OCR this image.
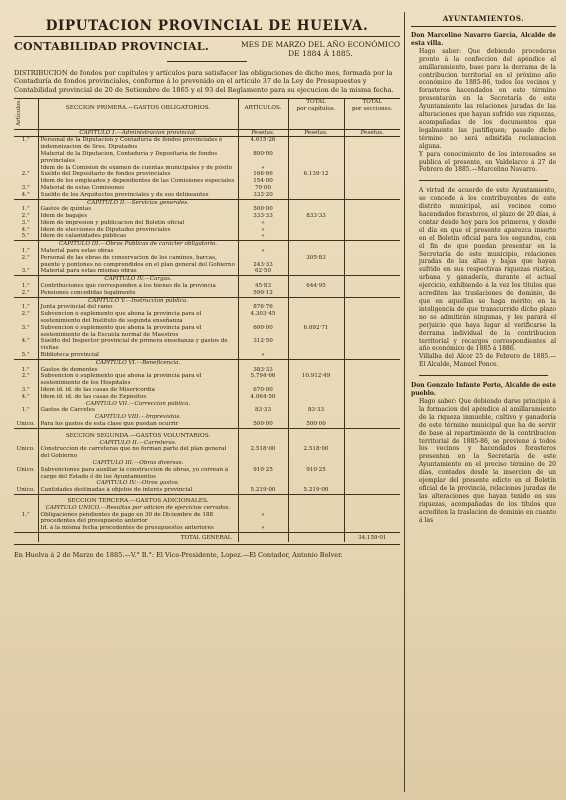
DIPUTACION PROVINCIAL DE HUELVA.
CONTABILIDAD PROVINCIAL.	MES DE MARZO DEL AÑO ECONÓMICO
DE 1884 Á 1885.
DISTRIBUCION de fondos por capítulos y artículos para satisfacer las obligaciones de dicho mes, formada por la Contaduría de fondos provinciales, conforme á lo prevenido en el artículo 37 de la Ley de Presupuestos y Contabilidad provincial de 20 de Setiembre de 1865 y el 93 del Reglamento para su ejecucion de la misma fecha.
Artículos.	SECCION PRIMERA.—GASTOS OBLIGATORIOS.	ARTÍCULOS.	TOTAL
por capítulos.	TOTAL
por secciones.
	CAPÍTULO I.—Administracion provincial.	Pesetas.	Pesetas.	Pesetas.
1.°	Personal de la Diputacion y Contaduría de fondos provinciales é indemnizacion de Sres. Diputados	4.615·26		
	Material de la Diputacion, Contaduría y Depositaría de fondos provinciales	800·00		
	Idem de la Comision de exámen de cuentas municipales y de pósito	»		
2.°	Sueldo del Depositario de fondos provinciales	166·66	6.139·12	
	Idem de los empleados y dependientes de las Comisiones especiales	154·00		
3.°	Material de estas Comisiones	70·00		
4.°	Sueldo de los Arquitectos provinciales y de sus delineantes	333·20		
	CAPÍTULO II.—Servicios generales.			
1.°	Gastos de quintas	500·00		
2.°	Idem de bagajes	333·33	833·33	
3.°	Idem de impresion y publicacion del Boletin oficial	»		
4.°	Idem de elecciones de Diputados provinciales	»		
5.°	Idem de calamidades públicas	»		
	CAPÍTULO III.—Obras Públicas de carácter obligatorio.			
1.°	Material para estas obras	»		
2.°	Personal de las obras de conservacion de los caminos, barcas, puente y pontones no comprendidos en el plan general del Gobierno	243·33	305·83	
3.°	Material para estas mismas obras	62·50		
	CAPÍTULO IV.—Cargas.			
1.°	Contribuciones que corresponden á los bienes de la provincia	45·83	644·95	
2.°	Pensiones concedidas legalmente	599·12		
	CAPÍTULO V.—Instruccion pública.			
1.°	Junta provincial del ramo	876·76		
2.°	Subvencion ó suplemento que abona la provincia para el sostenimiento del Instituto de segunda enseñanza	4.303·45		
3.°	Subvencion ó suplemento que abona la provincia para el sostenimiento de la Escuela normal de Maestros	600·00	6.092·71	
4.°	Sueldo del Inspector provincial de primera enseñanza y gastos de visitas	312·50		
5.°	Biblioteca provincial	»		
	CAPÍTULO VI.—Beneficencia.			
1.°	Gastos de dementes	383·33		
2.°	Subvencion ó suplemento que abona la provincia para el sostenimiento de los Hospitales	5.794·66	10.912·49	
3.°	Idem id. id. de las casas de Misericordia	670·00		
4.°	Idem id. id. de las casas de Expósitos	4.064·50		
	CAPÍTULO VII.—Correccion pública.			
1.°	Gastos de Cárceles	83·33	83·33	
	CAPÍTULO VIII.—Imprevistos.			
Único.	Para los gastos de esta clase que puedan ocurrir	500·00	500·00	
	SECCION SEGUNDA.—GASTOS VOLUNTARIOS.			
	CAPÍTULO II.—Carreteras.			
Único.	Construccion de carreteras que no forman parte del plan general del Gobierno	2.518·00	2.518·00	
	CAPÍTULO III.—Obras diversas.			
Único.	Subvenciones para auxiliar la construccion de obras, yo correan á cargo del Estado ó de los Ayuntamientos	910·25	910·25	
	CAPÍTULO IV.—Otros gastos.			
Único.	Cantidades destinadas á objetos de interés provincial	5.219·00	5.219·00	
	SECCION TERCERA.—GASTOS ADICIONALES.			
	CAPÍTULO ÚNICO.—Resultas por adicion de ejercicios cerrados.			
1.°	Obligaciones pendientes de pago en 30 de Diciembre de 188 procedentes del presupuesto anterior	»		
	Id. á la misma fecha procedentes de presupuestos anteriores	»		
	TOTAL GENERAL			34.159·01
En Huelva á 2 de Marzo de 1885.—V.° B.°: El Vice-Presidente, Lopez.—El Contador, Antonio Bolver.
AYUNTAMIENTOS.

Don Marcelino Navarro García, Alcalde de esta villa.

Hago saber: Que debiendo procederse pronto á la confeccion del apéndice al amillaramiento, base para la derrama de la contribucion territorial en el próximo año económico de 1885-86, todos los vecinos y forasteros hacendados en este término presentarán en la Secretaría de este Ayuntamiento las relaciones juradas de las alteraciones que hayan sufrido sus riquezas, acompañadas de los documentos que legalmente las justifiquen; pasado dicho término no será admitida reclamacion alguna.

Y para conocimiento de los interesados se publica el presente, en Valdelarco á 27 de Febrero de 1885.—Marcelino Navarro.

A virtud de acuerdo de este Ayuntamiento, se concede á los contribuyentes de este distrito municipal, así vecinos como hacendados forasteros, el plazo de 20 días, á contar desde hoy para los primeros, y desde el día en que el presente aparezca inserto en el Boletín oficial para los segundos, con el fin de que puedan presentar en la Secretaría de este municipio, relaciones juradas de las altas y bajas que hayan sufrido en sus respectivas riquezas rústica, urbana y ganadería, durante el actual ejercicio, exhibiendo á la vez los títulos que acrediten las traslaciones de dominio, de que en aquellas se haga mérito; en la inteligencia de que transcurrido dicho plazo no se admitirán ningunas, y les parará el perjuicio que haya lugar al verificarse la derrama individual de la contribucion territorial y recargos correspondientes al año económico de 1885 á 1886.

Villalba del Alcor 25 de Febrero de 1885.—El Alcalde, Manuel Ponce.

Don Gonzalo Infante Porto, Alcalde de este pueblo.

Hago saber: Que debiendo darse principio á la formacion del apéndice al amillaramiento de la riqueza inmueble, cultivo y ganadería de este término municipal que ha de servir de base al repartimiento de la contribucion territorial de 1885-86, se previene á todos los vecinos y hacendados forasteros presenten en la Secretaría de este Ayuntamiento en el preciso término de 20 días, contados desde la insercion de un ejemplar del presente edicto en el Boletín oficial de la provincia, relaciones juradas de las alteraciones que hayan tenido en sus riquezas, acompañadas de los títulos que acrediten la traslacion de dominio en cuanto á las
